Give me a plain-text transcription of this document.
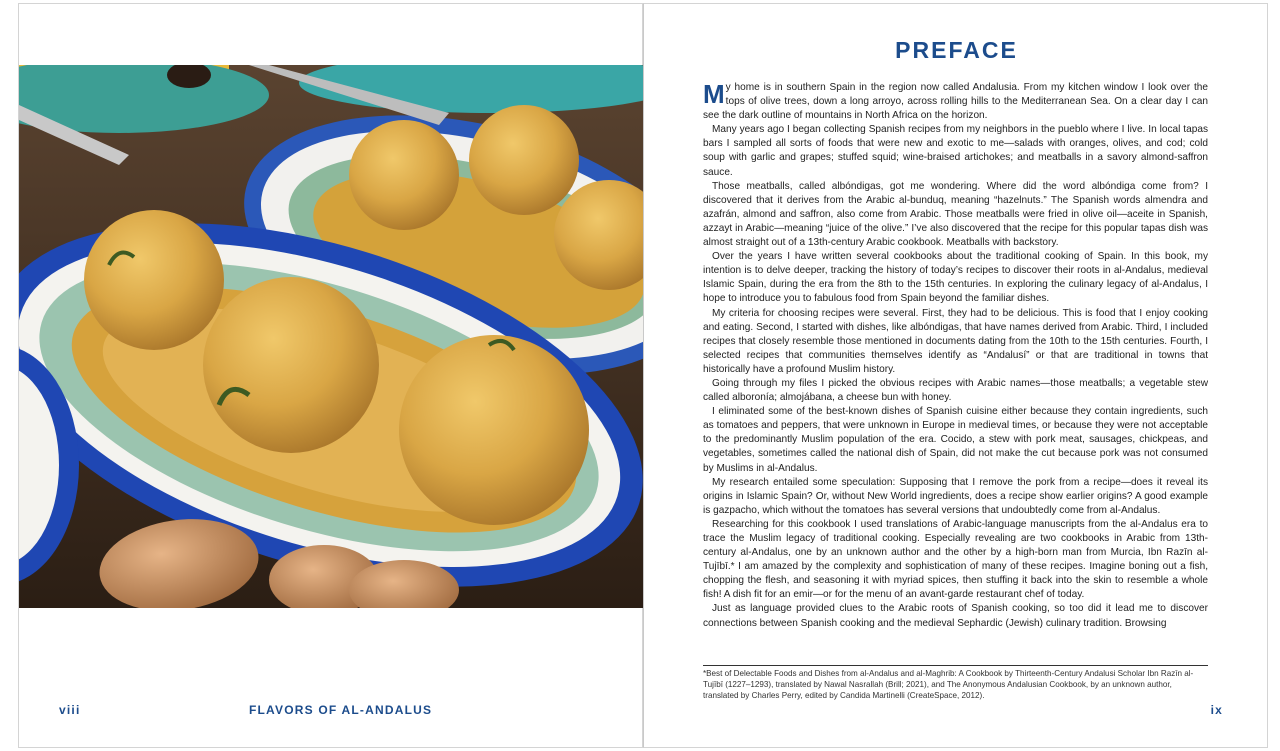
viii	FLAVORS OF AL-ANDALUS
PREFACE

My home is in southern Spain in the region now called Andalusia. From my kitchen window I look over the tops of olive trees, down a long arroyo, across rolling hills to the Mediterranean Sea. On a clear day I can see the dark outline of mountains in North Africa on the horizon.

Many years ago I began collecting Spanish recipes from my neighbors in the pueblo where I live. In local tapas bars I sampled all sorts of foods that were new and exotic to me—salads with oranges, olives, and cod; cold soup with garlic and grapes; stuffed squid; wine-braised artichokes; and meatballs in a savory almond-saffron sauce.

Those meatballs, called albóndigas, got me wondering. Where did the word albóndiga come from? I discovered that it derives from the Arabic al-bunduq, meaning “hazelnuts.” The Spanish words almendra and azafrán, almond and saffron, also come from Arabic. Those meatballs were fried in olive oil—aceite in Spanish, azzayt in Arabic—meaning “juice of the olive.” I’ve also discovered that the recipe for this popular tapas dish was almost straight out of a 13th-century Arabic cookbook. Meatballs with backstory.

Over the years I have written several cookbooks about the traditional cooking of Spain. In this book, my intention is to delve deeper, tracking the history of today’s recipes to discover their roots in al-Andalus, medieval Islamic Spain, during the era from the 8th to the 15th centuries. In exploring the culinary legacy of al-Andalus, I hope to introduce you to fabulous food from Spain beyond the familiar dishes.

My criteria for choosing recipes were several. First, they had to be delicious. This is food that I enjoy cooking and eating. Second, I started with dishes, like albóndigas, that have names derived from Arabic. Third, I included recipes that closely resemble those mentioned in documents dating from the 10th to the 15th centuries. Fourth, I selected recipes that communities themselves identify as “Andalusí” or that are traditional in towns that historically have a profound Muslim history.

Going through my files I picked the obvious recipes with Arabic names—those meatballs; a vegetable stew called alboronía; almojábana, a cheese bun with honey.

I eliminated some of the best-known dishes of Spanish cuisine either because they contain ingredients, such as tomatoes and peppers, that were unknown in Europe in medieval times, or because they were not acceptable to the predominantly Muslim population of the era. Cocido, a stew with pork meat, sausages, chickpeas, and vegetables, sometimes called the national dish of Spain, did not make the cut because pork was not consumed by Muslims in al-Andalus.

My research entailed some speculation: Supposing that I remove the pork from a recipe—does it reveal its origins in Islamic Spain? Or, without New World ingredients, does a recipe show earlier origins? A good example is gazpacho, which without the tomatoes has several versions that undoubtedly come from al-Andalus.

Researching for this cookbook I used translations of Arabic-language manuscripts from the al-Andalus era to trace the Muslim legacy of traditional cooking. Especially revealing are two cookbooks in Arabic from 13th-century al-Andalus, one by an unknown author and the other by a high-born man from Murcia, Ibn Razīn al-Tujībī.* I am amazed by the complexity and sophistication of many of these recipes. Imagine boning out a fish, chopping the flesh, and seasoning it with myriad spices, then stuffing it back into the skin to resemble a whole fish! A dish fit for an emir—or for the menu of an avant-garde restaurant chef of today.

Just as language provided clues to the Arabic roots of Spanish cooking, so too did it lead me to discover connections between Spanish cooking and the medieval Sephardic (Jewish) culinary tradition. Browsing

*Best of Delectable Foods and Dishes from al-Andalus and al-Maghrib: A Cookbook by Thirteenth-Century Andalusi Scholar Ibn Razīn al-Tujībī (1227–1293), translated by Nawal Nasrallah (Brill; 2021), and The Anonymous Andalusian Cookbook, by an unknown author, translated by Charles Perry, edited by Candida Martinelli (CreateSpace, 2012).
ix
